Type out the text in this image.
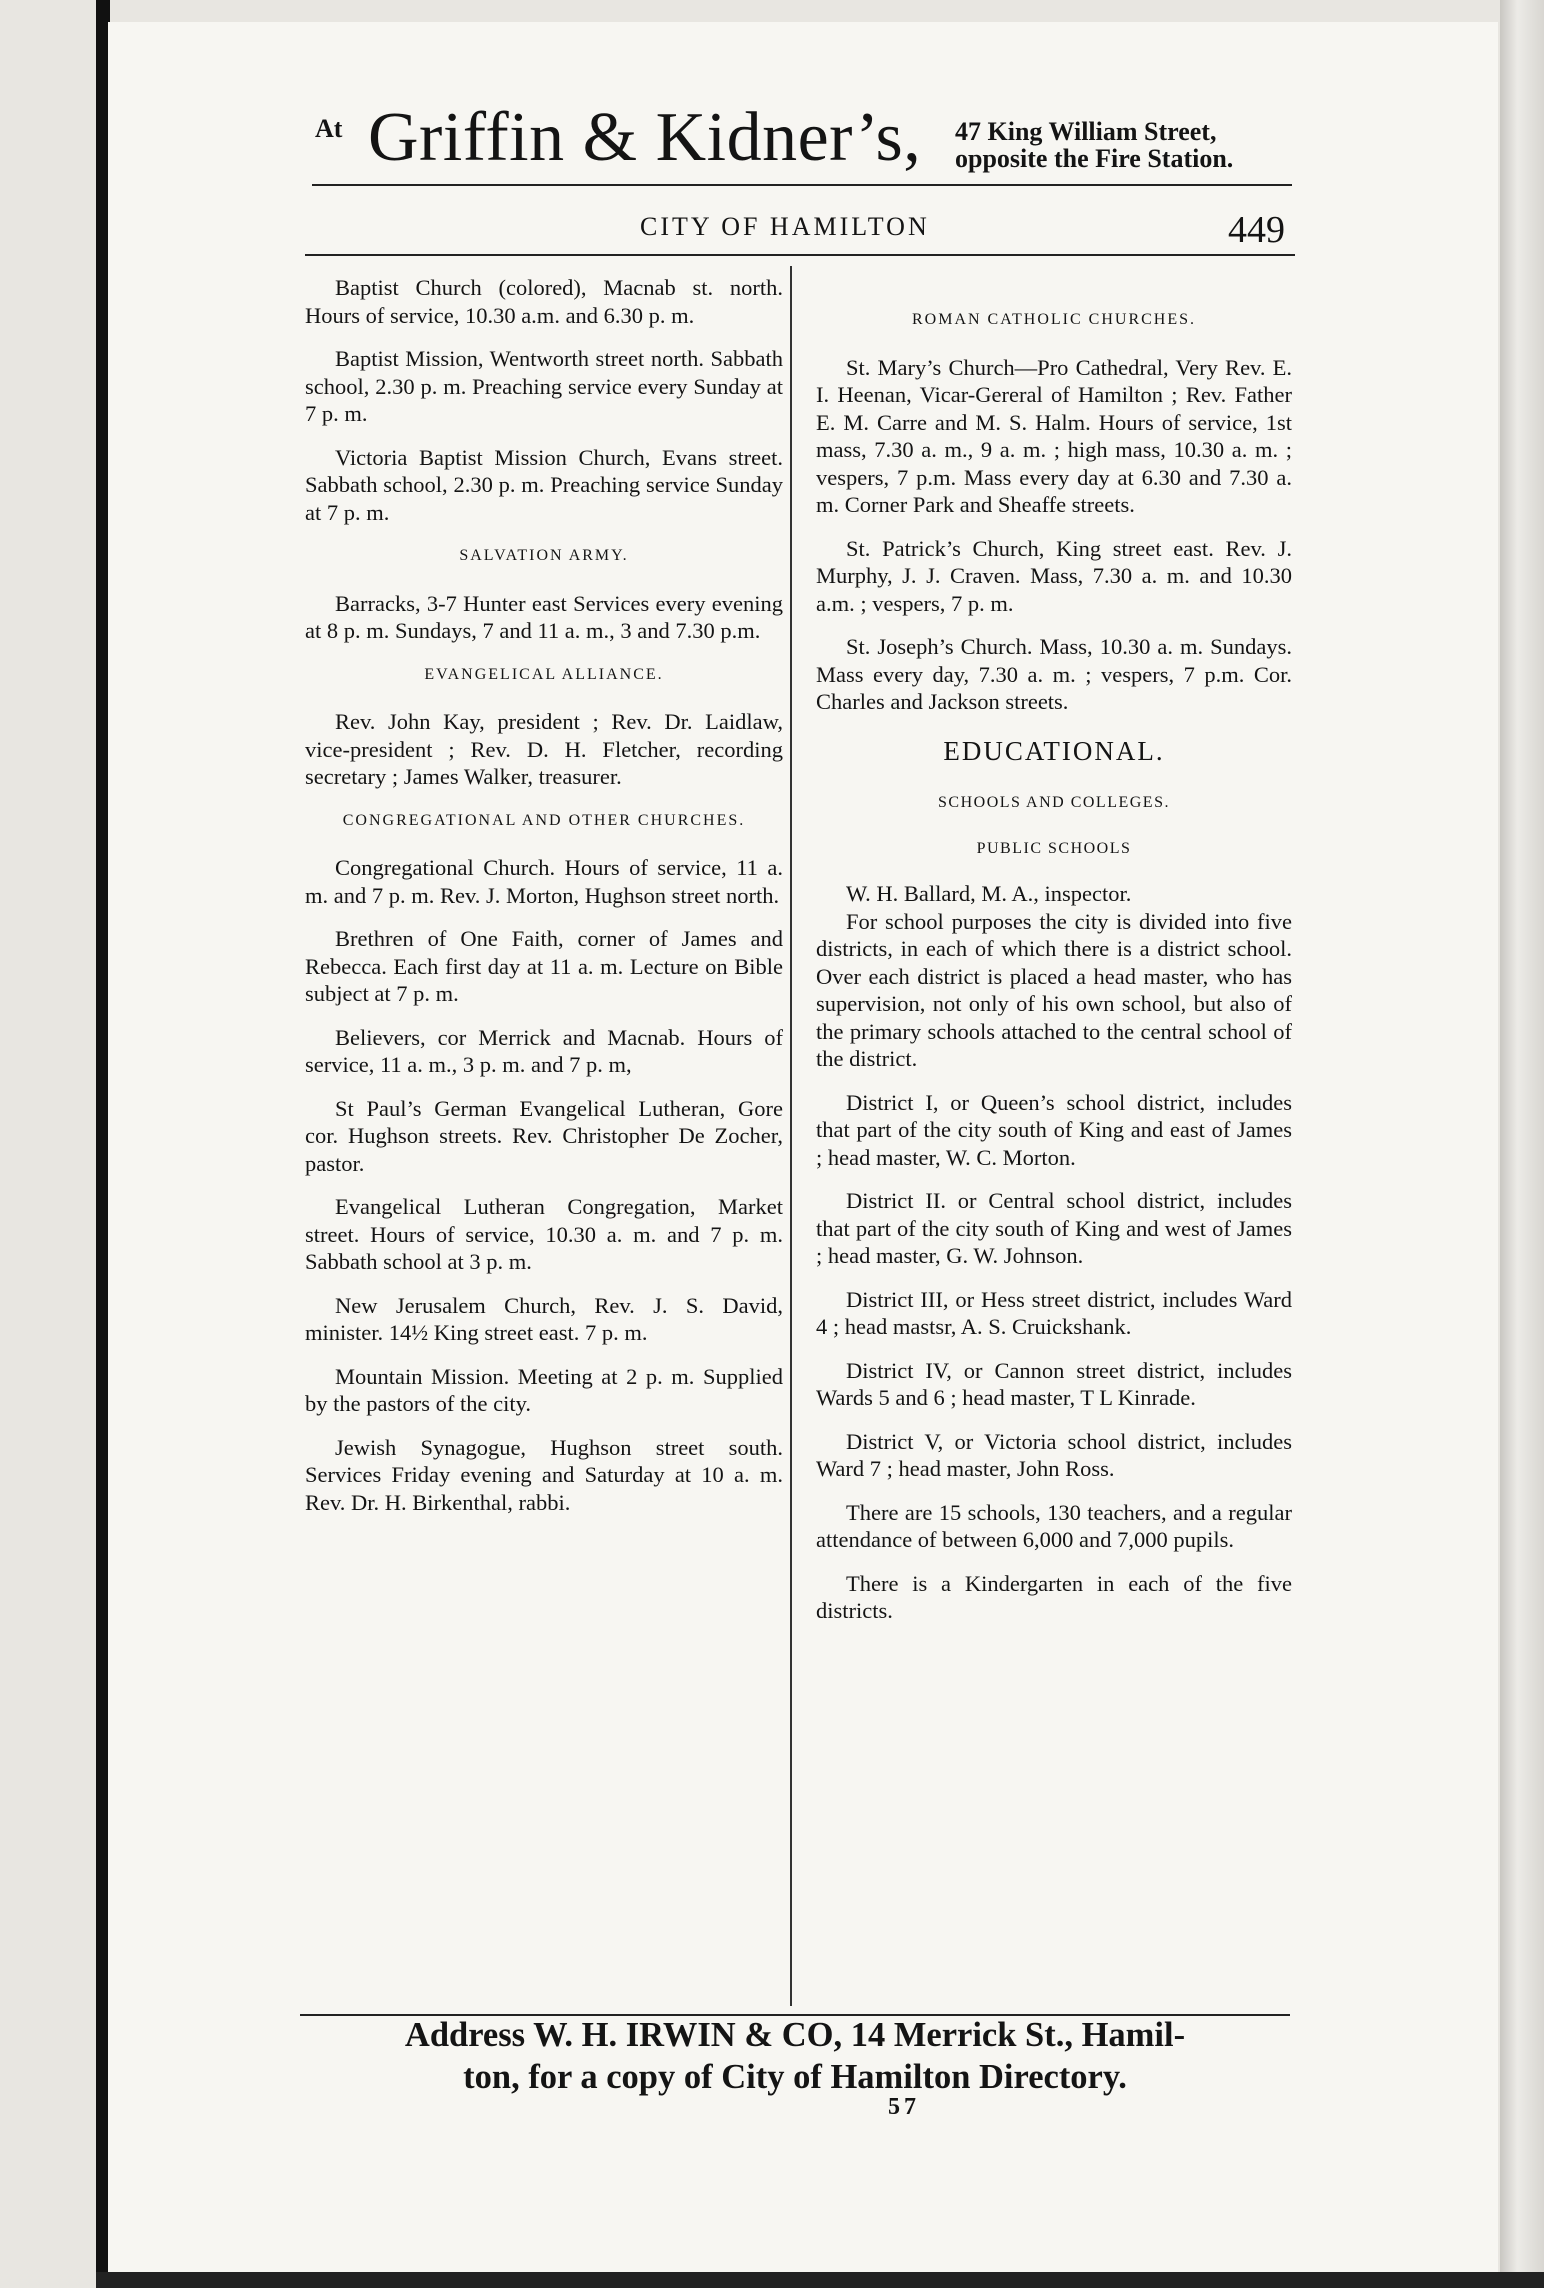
At Griffin & Kidner’s, 47 King William Street,
opposite the Fire Station.
CITY OF HAMILTON	449

Baptist Church (colored), Macnab st. north. Hours of service, 10.30 a.m. and 6.30 p. m.

Baptist Mission, Wentworth street north. Sabbath school, 2.30 p. m. Preaching service every Sunday at 7 p. m.

Victoria Baptist Mission Church, Evans street. Sabbath school, 2.30 p. m. Preaching service Sunday at 7 p. m.

SALVATION ARMY.

Barracks, 3-7 Hunter east Services every evening at 8 p. m. Sundays, 7 and 11 a. m., 3 and 7.30 p.m.

EVANGELICAL ALLIANCE.

Rev. John Kay, president ; Rev. Dr. Laidlaw, vice-president ; Rev. D. H. Fletcher, recording secretary ; James Walker, treasurer.

CONGREGATIONAL AND OTHER CHURCHES.

Congregational Church. Hours of service, 11 a. m. and 7 p. m. Rev. J. Morton, Hughson street north.

Brethren of One Faith, corner of James and Rebecca. Each first day at 11 a. m. Lecture on Bible subject at 7 p. m.

Believers, cor Merrick and Macnab. Hours of service, 11 a. m., 3 p. m. and 7 p. m,

St Paul’s German Evangelical Lutheran, Gore cor. Hughson streets. Rev. Christopher De Zocher, pastor.

Evangelical Lutheran Congregation, Market street. Hours of service, 10.30 a. m. and 7 p. m. Sabbath school at 3 p. m.

New Jerusalem Church, Rev. J. S. David, minister. 14½ King street east. 7 p. m.

Mountain Mission. Meeting at 2 p. m. Supplied by the pastors of the city.

Jewish Synagogue, Hughson street south. Services Friday evening and Saturday at 10 a. m. Rev. Dr. H. Birkenthal, rabbi.

ROMAN CATHOLIC CHURCHES.

St. Mary’s Church—Pro Cathedral, Very Rev. E. I. Heenan, Vicar-Gereral of Hamilton ; Rev. Father E. M. Carre and M. S. Halm. Hours of service, 1st mass, 7.30 a. m., 9 a. m. ; high mass, 10.30 a. m. ; vespers, 7 p.m. Mass every day at 6.30 and 7.30 a. m. Corner Park and Sheaffe streets.

St. Patrick’s Church, King street east. Rev. J. Murphy, J. J. Craven. Mass, 7.30 a. m. and 10.30 a.m. ; vespers, 7 p. m.

St. Joseph’s Church. Mass, 10.30 a. m. Sundays. Mass every day, 7.30 a. m. ; vespers, 7 p.m. Cor. Charles and Jackson streets.

EDUCATIONAL.

SCHOOLS AND COLLEGES.

PUBLIC SCHOOLS

W. H. Ballard, M. A., inspector.

For school purposes the city is divided into five districts, in each of which there is a district school. Over each district is placed a head master, who has supervision, not only of his own school, but also of the primary schools attached to the central school of the district.

District I, or Queen’s school district, includes that part of the city south of King and east of James ; head master, W. C. Morton.

District II. or Central school district, includes that part of the city south of King and west of James ; head master, G. W. Johnson.

District III, or Hess street district, includes Ward 4 ; head mastsr, A. S. Cruickshank.

District IV, or Cannon street district, includes Wards 5 and 6 ; head master, T L Kinrade.

District V, or Victoria school district, includes Ward 7 ; head master, John Ross.

There are 15 schools, 130 teachers, and a regular attendance of between 6,000 and 7,000 pupils.

There is a Kindergarten in each of the five districts.

Address W. H. IRWIN & CO, 14 Merrick St., Hamil-
ton, for a copy of City of Hamilton Directory.
57
